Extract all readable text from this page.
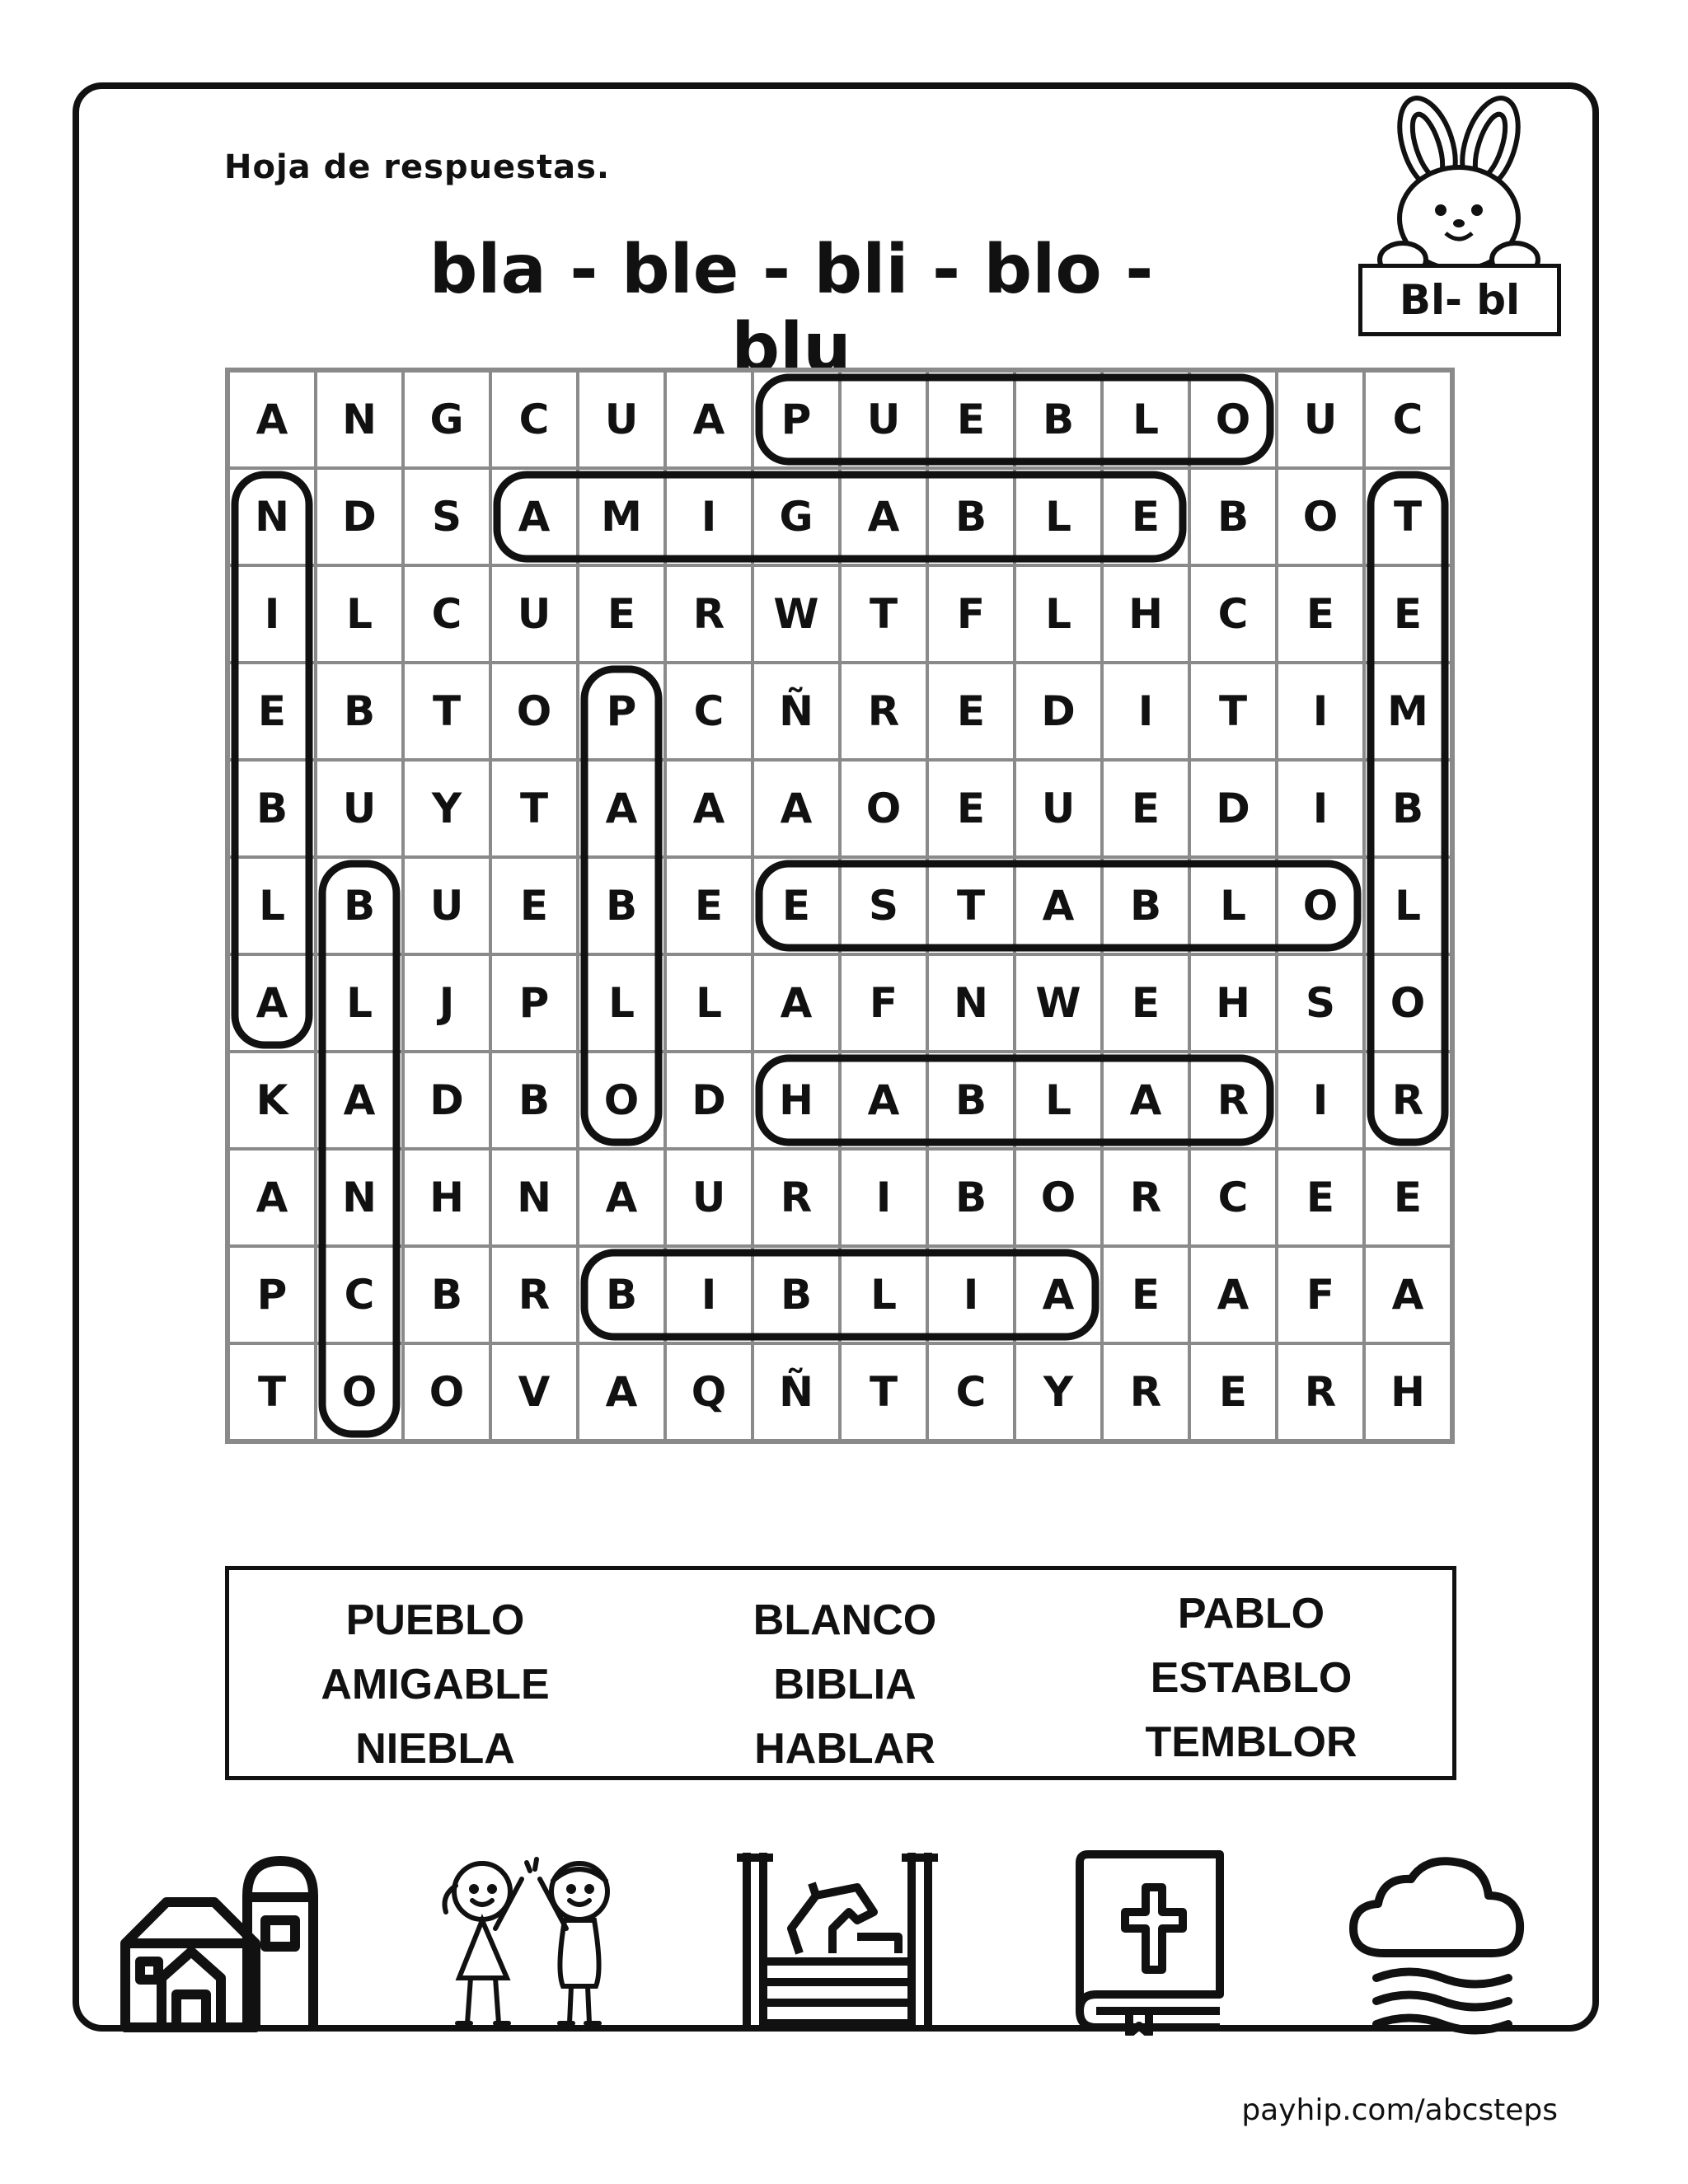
Hoja de respuestas.
bla - ble - bli - blo - blu
Bl- bl
A	N	G	C	U	A	P	U	E	B	L	O	U	C
N	D	S	A	M	I	G	A	B	L	E	B	O	T
I	L	C	U	E	R	W	T	F	L	H	C	E	E
E	B	T	O	P	C	Ñ	R	E	D	I	T	I	M
B	U	Y	T	A	A	A	O	E	U	E	D	I	B
L	B	U	E	B	E	E	S	T	A	B	L	O	L
A	L	J	P	L	L	A	F	N	W	E	H	S	O
K	A	D	B	O	D	H	A	B	L	A	R	I	R
A	N	H	N	A	U	R	I	B	O	R	C	E	E
P	C	B	R	B	I	B	L	I	A	E	A	F	A
T	O	O	V	A	Q	Ñ	T	C	Y	R	E	R	H
PUEBLO
AMIGABLE
NIEBLA
BLANCO
BIBLIA
HABLAR
PABLO
ESTABLO
TEMBLOR
payhip.com/abcsteps
